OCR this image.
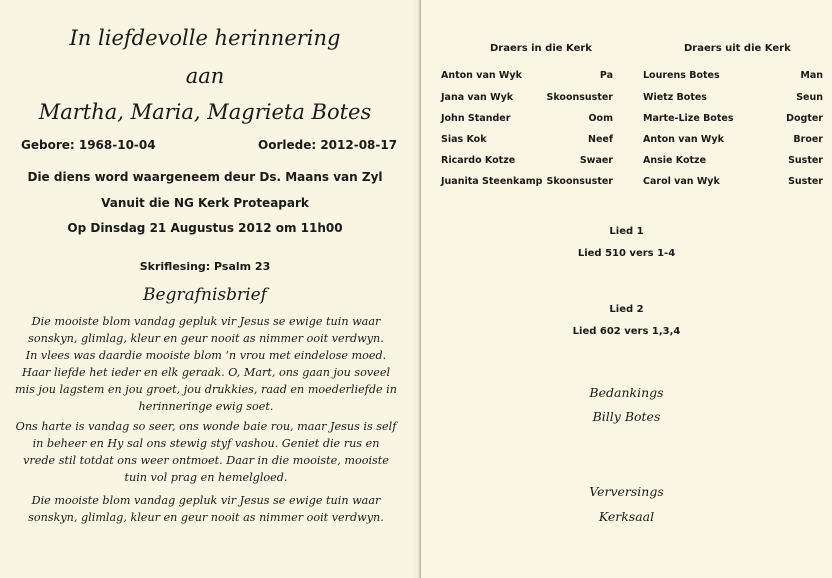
In liefdevolle herinnering
aan
Martha, Maria, Magrieta Botes
Gebore: 1968-10-04	Oorlede: 2012-08-17
Die diens word waargeneem deur Ds. Maans van Zyl
Vanuit die NG Kerk Proteapark
Op Dinsdag 21 Augustus 2012 om 11h00
Skriflesing: Psalm 23
Begrafnisbrief

Die mooiste blom vandag gepluk vir Jesus se ewige tuin waar

sonskyn, glimlag, kleur en geur nooit as nimmer ooit verdwyn.

In vlees was daardie mooiste blom ‘n vrou met eindelose moed.

Haar liefde het ieder en elk geraak. O, Mart, ons gaan jou soveel

mis jou lagstem en jou groet, jou drukkies, raad en moederliefde in

herinneringe ewig soet.

Ons harte is vandag so seer, ons wonde baie rou, maar Jesus is self

in beheer en Hy sal ons stewig styf vashou. Geniet die rus en

vrede stil totdat ons weer ontmoet. Daar in die mooiste, mooiste

tuin vol prag en hemelgloed.

Die mooiste blom vandag gepluk vir Jesus se ewige tuin waar

sonskyn, glimlag, kleur en geur nooit as nimmer ooit verdwyn.

Draers in die Kerk	Draers uit die Kerk
Anton van Wyk	Pa
Jana van Wyk	Skoonsuster
John Stander	Oom
Sias Kok	Neef
Ricardo Kotze	Swaer
Juanita Steenkamp Skoonsuster
Lourens Botes	Man
Wietz Botes	Seun
Marte-Lize Botes	Dogter
Anton van Wyk	Broer
Ansie Kotze	Suster
Carol van Wyk	Suster
Lied 1
Lied 510 vers 1-4
Lied 2
Lied 602 vers 1,3,4
Bedankings
Billy Botes
Verversings
Kerksaal
